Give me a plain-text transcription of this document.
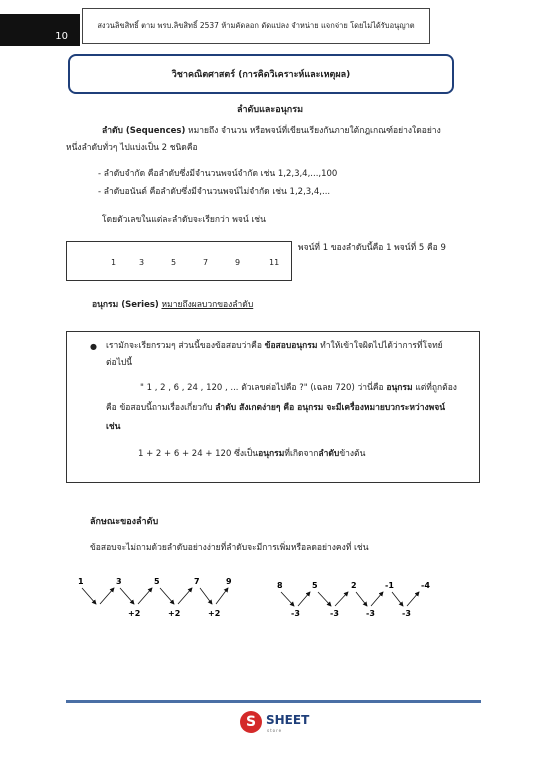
10
สงวนลิขสิทธิ์ ตาม พรบ.ลิขสิทธิ์ 2537 ห้ามคัดลอก ดัดแปลง จำหน่าย แจกจ่าย โดยไม่ได้รับอนุญาต
วิชาคณิตศาสตร์ (การคิดวิเคราะห์และเหตุผล)
ลำดับและอนุกรม
ลำดับ (Sequences) หมายถึง จำนวน หรือพจน์ที่เขียนเรียงกันภายใต้กฎเกณฑ์อย่างใดอย่าง
หนึ่งลำดับทั่วๆ ไปแบ่งเป็น 2 ชนิดคือ
- ลำดับจำกัด คือลำดับซึ่งมีจำนวนพจน์จำกัด เช่น 1,2,3,4,...,100
- ลำดับอนันต์ คือลำดับซึ่งมีจำนวนพจน์ไม่จำกัด เช่น 1,2,3,4,...
โดยตัวเลขในแต่ละลำดับจะเรียกว่า พจน์ เช่น
1	3	5	7	9	11
พจน์ที่ 1 ของลำดับนี้คือ 1 พจน์ที่ 5 คือ 9
อนุกรม (Series) หมายถึงผลบวกของลำดับ
● เรามักจะเรียกรวมๆ ส่วนนี้ของข้อสอบว่าคือ ข้อสอบอนุกรม ทำให้เข้าใจผิดไปได้ว่าการที่โจทย์
ต่อไปนี้
" 1 , 2 , 6 , 24 , 120 , ... ตัวเลขต่อไปคือ ?" (เฉลย 720) ว่านี่คือ อนุกรม แต่ที่ถูกต้อง
คือ ข้อสอบนี้ถามเรื่องเกี่ยวกับ ลำดับ สังเกตง่ายๆ คือ อนุกรม จะมีเครื่องหมายบวกระหว่างพจน์
เช่น
1 + 2 + 6 + 24 + 120 ซึ่งเป็นอนุกรมที่เกิดจากลำดับข้างต้น
ลักษณะของลำดับ
ข้อสอบจะไม่ถามด้วยลำดับอย่างง่ายที่ลำดับจะมีการเพิ่มหรือลดอย่างคงที่ เช่น
1	3	5	7	9
+2	+2	+2
8	5	2	-1	-4
-3	-3	-3	-3
S SHEET
store
